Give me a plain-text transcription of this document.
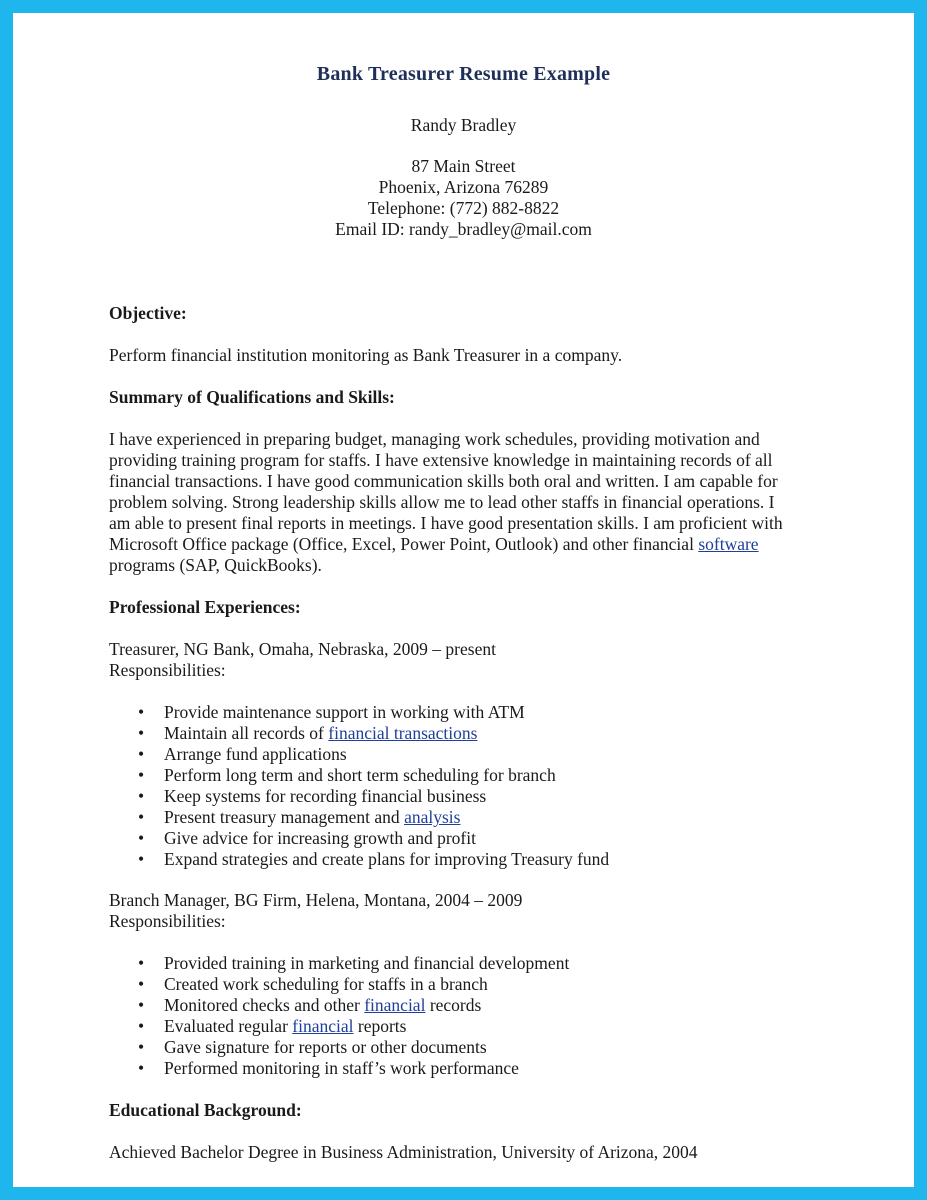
Bank Treasurer Resume Example
Randy Bradley
87 Main Street
Phoenix, Arizona 76289
Telephone: (772) 882-8822
Email ID: randy_bradley@mail.com
Objective:
Perform financial institution monitoring as Bank Treasurer in a company.
Summary of Qualifications and Skills:
I have experienced in preparing budget, managing work schedules, providing motivation and
providing training program for staffs. I have extensive knowledge in maintaining records of all
financial transactions. I have good communication skills both oral and written. I am capable for
problem solving. Strong leadership skills allow me to lead other staffs in financial operations. I
am able to present final reports in meetings. I have good presentation skills. I am proficient with
Microsoft Office package (Office, Excel, Power Point, Outlook) and other financial software
programs (SAP, QuickBooks).
Professional Experiences:
Treasurer, NG Bank, Omaha, Nebraska, 2009 – present
Responsibilities:
• Provide maintenance support in working with ATM
• Maintain all records of financial transactions
• Arrange fund applications
• Perform long term and short term scheduling for branch
• Keep systems for recording financial business
• Present treasury management and analysis
• Give advice for increasing growth and profit
• Expand strategies and create plans for improving Treasury fund
Branch Manager, BG Firm, Helena, Montana, 2004 – 2009
Responsibilities:
• Provided training in marketing and financial development
• Created work scheduling for staffs in a branch
• Monitored checks and other financial records
• Evaluated regular financial reports
• Gave signature for reports or other documents
• Performed monitoring in staff’s work performance
Educational Background:
Achieved Bachelor Degree in Business Administration, University of Arizona, 2004
